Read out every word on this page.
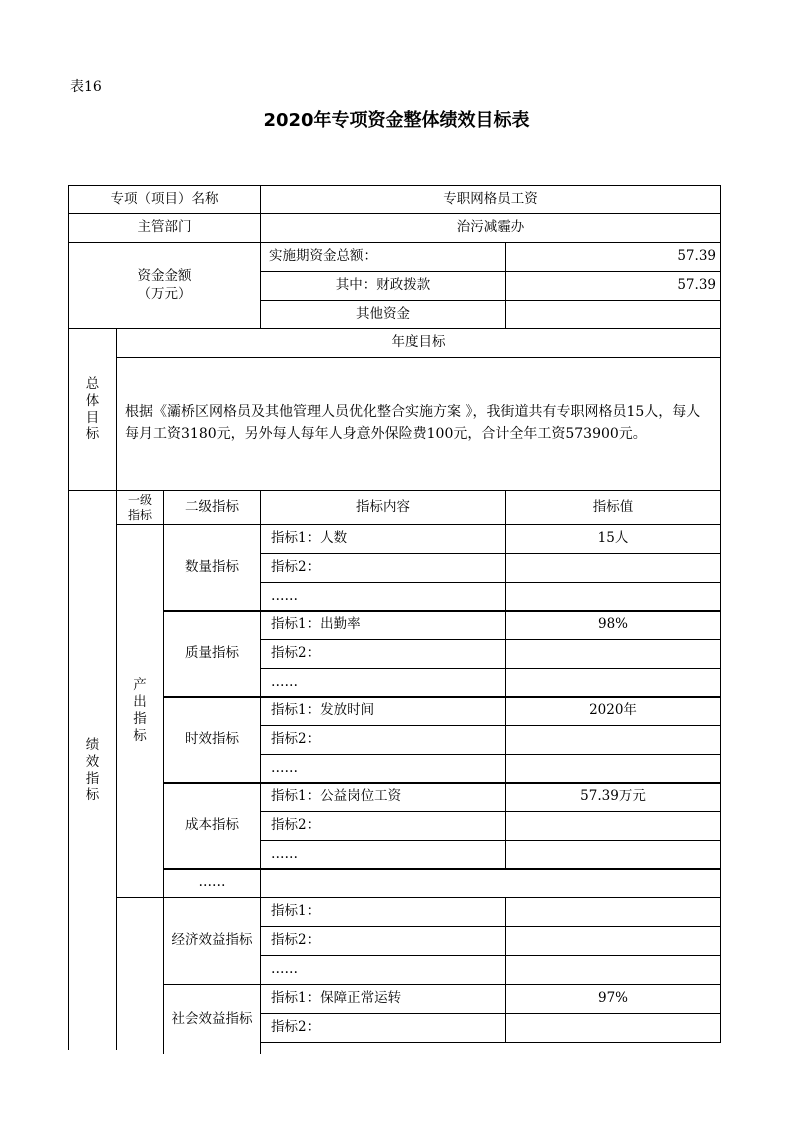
表16
2020年专项资金整体绩效目标表
专项（项目）名称	专职网格员工资
主管部门	治污减霾办
资金金额
（万元）
实施期资金总额：	57.39
其中：财政拨款	57.39
其他资金
总
体
目
标
年度目标
根据《灞桥区网格员及其他管理人员优化整合实施方案 》，我街道共有专职网格员15人，每人每月工资3180元，另外每人每年人身意外保险费100元，合计全年工资573900元。
绩
效
指
标
一级
指标	二级指标	指标内容	指标值
产
出
指
标
数量指标
指标1：人数	15人
指标2：
……
质量指标
指标1：出勤率	98%
指标2：
……
时效指标
指标1：发放时间	2020年
指标2：
……
成本指标
指标1：公益岗位工资	57.39万元
指标2：
……
……
经济效益指标
指标1：
指标2：
……
社会效益指标
指标1：保障正常运转	97%
指标2：
